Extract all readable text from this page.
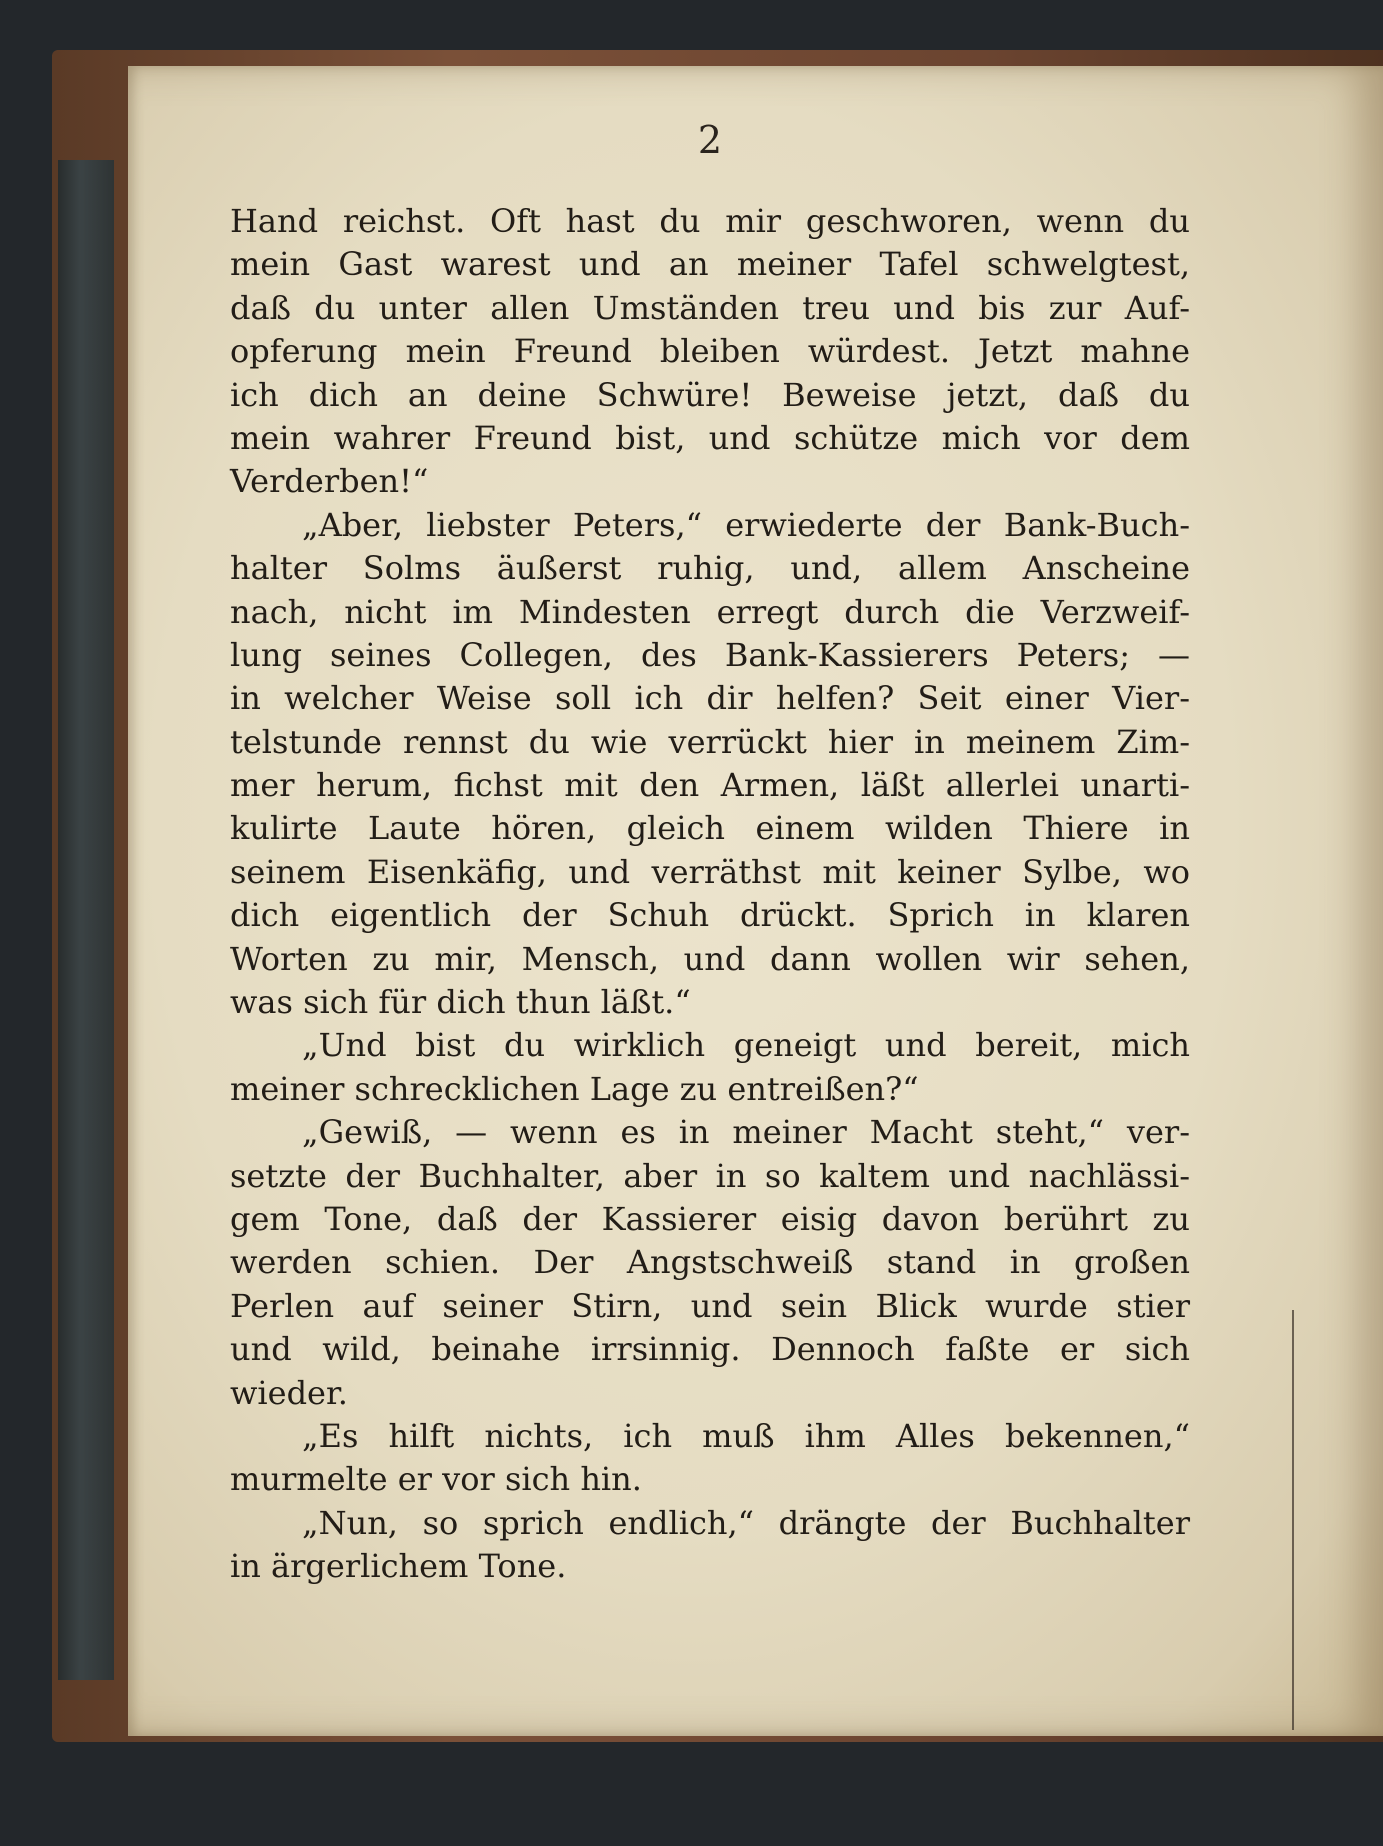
2
Hand reichst. Oft hast du mir geschworen, wenn du
mein Gast warest und an meiner Tafel schwelgtest,
daß du unter allen Umständen treu und bis zur Auf-
opferung mein Freund bleiben würdest. Jetzt mahne
ich dich an deine Schwüre! Beweise jetzt, daß du
mein wahrer Freund bist, und schütze mich vor dem
Verderben!“
„Aber, liebster Peters,“ erwiederte der Bank-Buch-
halter Solms äußerst ruhig, und, allem Anscheine
nach, nicht im Mindesten erregt durch die Verzweif-
lung seines Collegen, des Bank-Kassierers Peters; —
in welcher Weise soll ich dir helfen? Seit einer Vier-
telstunde rennst du wie verrückt hier in meinem Zim-
mer herum, fichst mit den Armen, läßt allerlei unarti-
kulirte Laute hören, gleich einem wilden Thiere in
seinem Eisenkäfig, und verräthst mit keiner Sylbe, wo
dich eigentlich der Schuh drückt. Sprich in klaren
Worten zu mir, Mensch, und dann wollen wir sehen,
was sich für dich thun läßt.“
„Und bist du wirklich geneigt und bereit, mich
meiner schrecklichen Lage zu entreißen?“
„Gewiß, — wenn es in meiner Macht steht,“ ver-
setzte der Buchhalter, aber in so kaltem und nachlässi-
gem Tone, daß der Kassierer eisig davon berührt zu
werden schien. Der Angstschweiß stand in großen
Perlen auf seiner Stirn, und sein Blick wurde stier
und wild, beinahe irrsinnig. Dennoch faßte er sich
wieder.
„Es hilft nichts, ich muß ihm Alles bekennen,“
murmelte er vor sich hin.
„Nun, so sprich endlich,“ drängte der Buchhalter
in ärgerlichem Tone.
